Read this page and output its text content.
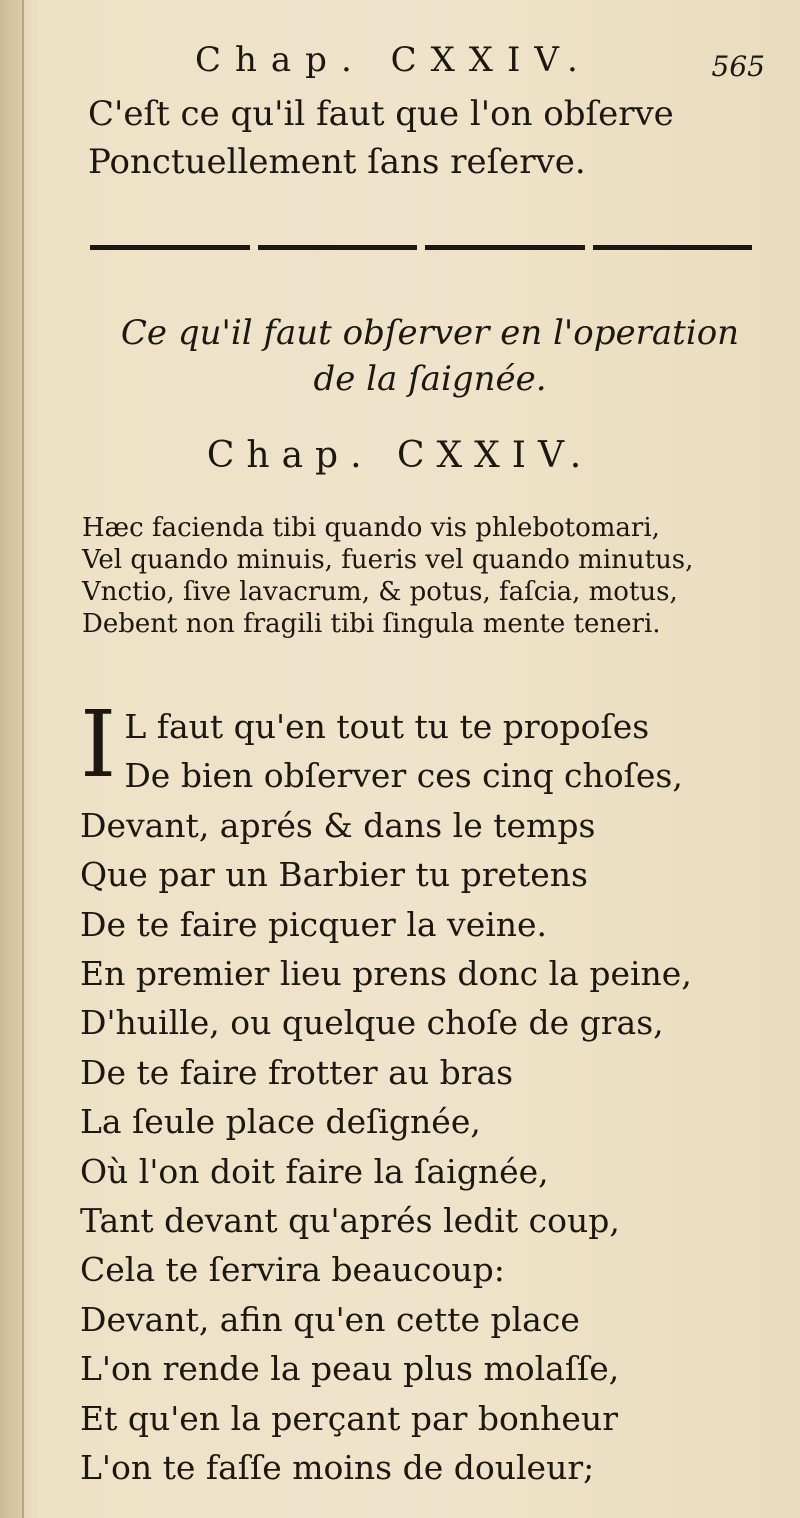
Chap. CXXIV.	565
C'eſt ce qu'il faut que l'on obſerve
Ponctuellement ſans reſerve.
Ce qu'il faut obſerver en l'operation
de la ſaignée.
Chap. CXXIV.
Hæc facienda tibi quando vis phlebotomari,
Vel quando minuis, fueris vel quando minutus,
Vnctio, ſive lavacrum, & potus, faſcia, motus,
Debent non fragili tibi ſingula mente teneri.
I L faut qu'en tout tu te propoſes
De bien obſerver ces cinq choſes,
Devant, aprés & dans le temps
Que par un Barbier tu pretens
De te faire picquer la veine.
En premier lieu prens donc la peine,
D'huille, ou quelque choſe de gras,
De te faire frotter au bras
La ſeule place deſignée,
Où l'on doit faire la ſaignée,
Tant devant qu'aprés ledit coup,
Cela te ſervira beaucoup:
Devant, afin qu'en cette place
L'on rende la peau plus molaſſe,
Et qu'en la perçant par bonheur
L'on te faſſe moins de douleur;
